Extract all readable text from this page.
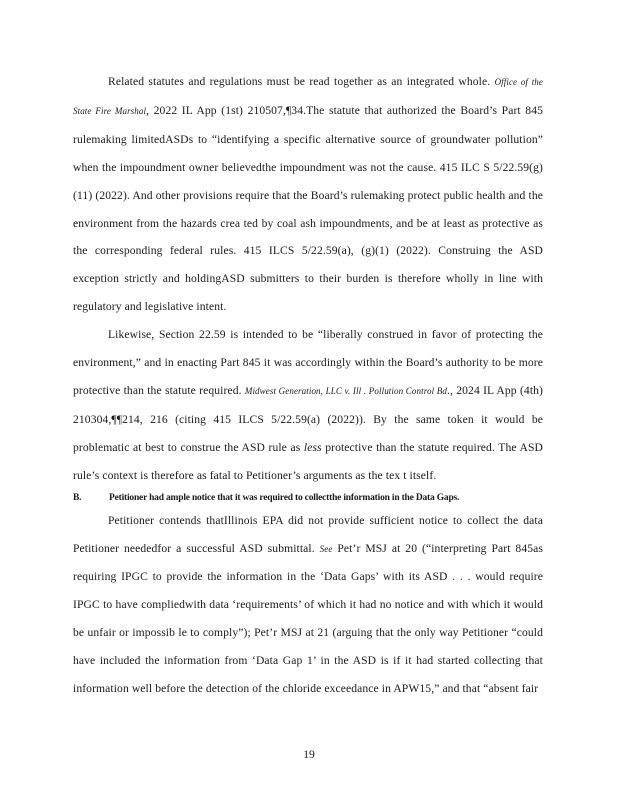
Related statutes and regulations must be read together as an integrated whole. Office of the State Fire Marshal, 2022 IL App (1st) 210507,¶34.The statute that authorized the Board’s Part 845 rulemaking limitedASDs to “identifying a specific alternative source of groundwater pollution” when the impoundment owner believedthe impoundment was not the cause. 415 ILC S 5/22.59(g)(11) (2022). And other provisions require that the Board’s rulemaking protect public health and the environment from the hazards crea ted by coal ash impoundments, and be at least as protective as the corresponding federal rules. 415 ILCS 5/22.59(a), (g)(1) (2022). Construing the ASD exception strictly and holdingASD submitters to their burden is therefore wholly in line with regulatory and legislative intent.

Likewise, Section 22.59 is intended to be “liberally construed in favor of protecting the environment,” and in enacting Part 845 it was accordingly within the Board’s authority to be more protective than the statute required. Midwest Generation, LLC v. Ill . Pollution Control Bd., 2024 IL App (4th) 210304,¶¶214, 216 (citing 415 ILCS 5/22.59(a) (2022)). By the same token it would be problematic at best to construe the ASD rule as less protective than the statute required. The ASD rule’s context is therefore as fatal to Petitioner’s arguments as the tex t itself.

B.	Petitioner had ample notice that it was required to collectthe information in the Data Gaps.

Petitioner contends thatIllinois EPA did not provide sufficient notice to collect the data Petitioner neededfor a successful ASD submittal. See Pet’r MSJ at 20 (“interpreting Part 845as requiring IPGC to provide the information in the ‘Data Gaps’ with its ASD . . . would require IPGC to have compliedwith data ‘requirements’ of which it had no notice and with which it would be unfair or impossib le to comply”); Pet’r MSJ at 21 (arguing that the only way Petitioner “could have included the information from ‘Data Gap 1’ in the ASD is if it had started collecting that information well before the detection of the chloride exceedance in APW15,” and that “absent fair

19
